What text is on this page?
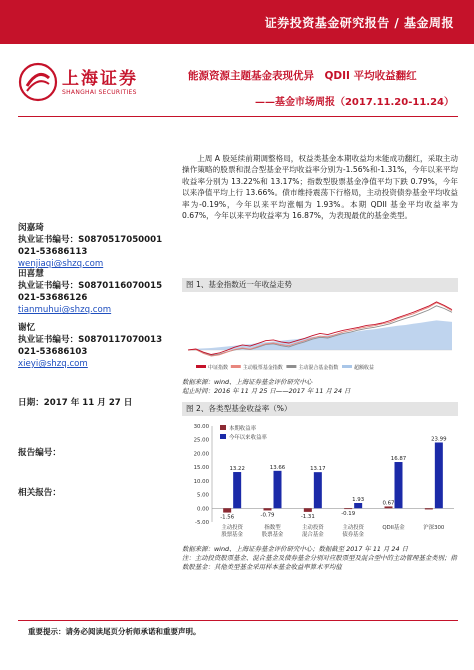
证券投资基金研究报告 / 基金周报
上海证券
SHANGHAI SECURITIES
能源资源主题基金表现优异　QDII 平均收益翻红
——基金市场周报（2017.11.20-11.24）
闵嘉琦
执业证书编号：S0870517050001
021-53686113
wenjiaqi@shzq.com
田喜慧
执业证书编号：S0870116070015
021-53686126
tianmuhui@shzq.com
谢忆
执业证书编号：S0870117070013
021-53686103
xieyi@shzq.com
日期：2017 年 11 月 27 日
报告编号：
相关报告：
上周 A 股延续前期调整格局，权益类基金本期收益均未能成功翻红，采取主动操作策略的股票和混合型基金平均收益率分别为-1.56%和-1.31%，今年以来平均收益率分别为 13.22%和 13.17%；指数型股票基金净值平均下跌 0.79%，今年以来净值平均上行 13.66%。债市维持震荡下行格局，主动投资债券基金平均收益率为-0.19%，今年以来平均涨幅为 1.93%。本期 QDII 基金平均收益率为 0.67%，今年以来平均收益率为 16.87%，为表现最优的基金类型。
图 1、基金指数近一年收益走势
中证指数	主动股票基金指数	主动混合基金指数	超额收益
数据来源：wind、上海证券基金评价研究中心
起止时间：2016 年 11 月 25 日——2017 年 11 月 24 日
图 2、各类型基金收益率（%）
30.00
25.00
20.00
15.00
10.00
5.00
0.00
-5.00
本期收益率
今年以来收益率
-1.56
13.22
主动投资
股票基金
-0.79
13.66
指数型
股票基金
-1.31
13.17
主动投资
混合基金
-0.19
1.93
主动投资
债券基金
0.67
16.87
QDII基金
23.99
沪深300
数据来源：wind、上海证券基金评价研究中心；数据截至 2017 年 11 月 24 日
注：主动投资股票基金、混合基金及债券基金分别对应股票型及混合型中的主动管理基金类别；指数股基金：其他类型基金采用样本基金收益率算术平均值
重要提示：请务必阅读尾页分析师承诺和重要声明。
